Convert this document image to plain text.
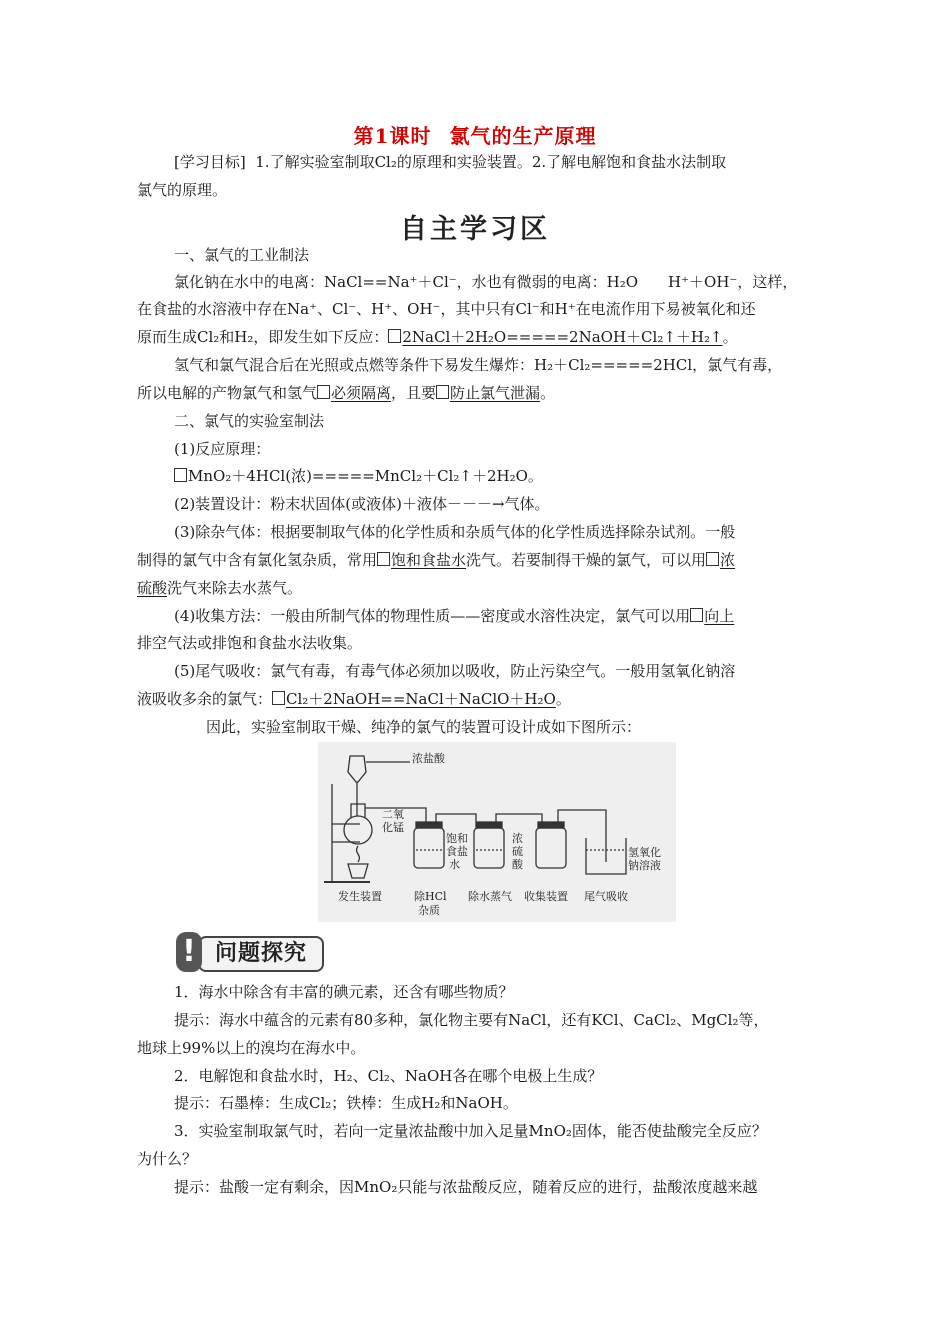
第1课时 氯气的生产原理
[学习目标] 1.了解实验室制取Cl₂的原理和实验装置。2.了解电解饱和食盐水法制取
氯气的原理。
自主学习区
一、氯气的工业制法
氯化钠在水中的电离：NaCl==Na⁺＋Cl⁻，水也有微弱的电离：H₂O　　H⁺＋OH⁻，这样，
在食盐的水溶液中存在Na⁺、Cl⁻、H⁺、OH⁻，其中只有Cl⁻和H⁺在电流作用下易被氧化和还
原而生成Cl₂和H₂，即发生如下反应： 2NaCl＋2H₂O=====2NaOH＋Cl₂↑＋H₂↑。
氢气和氯气混合后在光照或点燃等条件下易发生爆炸：H₂＋Cl₂=====2HCl，氯气有毒，
所以电解的产物氯气和氢气 必须隔离，且要 防止氯气泄漏。
二、氯气的实验室制法
(1)反应原理：
MnO₂＋4HCl(浓)=====MnCl₂＋Cl₂↑＋2H₂O。
(2)装置设计：粉末状固体(或液体)＋液体－－－→气体。
(3)除杂气体：根据要制取气体的化学性质和杂质气体的化学性质选择除杂试剂。一般
制得的氯气中含有氯化氢杂质，常用 饱和食盐水洗气。若要制得干燥的氯气，可以用 浓
硫酸洗气来除去水蒸气。
(4)收集方法：一般由所制气体的物理性质——密度或水溶性决定，氯气可以用 向上
排空气法或排饱和食盐水法收集。
(5)尾气吸收：氯气有毒，有毒气体必须加以吸收，防止污染空气。一般用氢氧化钠溶
液吸收多余的氯气： Cl₂＋2NaOH==NaCl＋NaClO＋H₂O。
因此，实验室制取干燥、纯净的氯气的装置可设计成如下图所示：
浓盐酸
二氧
化锰
饱和
食盐
水
浓
硫
酸
氢氧化
钠溶液
发生装置	除HCl
杂质
除水蒸气 收集装置 尾气吸收
问题探究
!
1．海水中除含有丰富的碘元素，还含有哪些物质？
提示：海水中蕴含的元素有80多种，氯化物主要有NaCl，还有KCl、CaCl₂、MgCl₂等，
地球上99%以上的溴均在海水中。
2．电解饱和食盐水时，H₂、Cl₂、NaOH各在哪个电极上生成？
提示：石墨棒：生成Cl₂；铁棒：生成H₂和NaOH。
3．实验室制取氯气时，若向一定量浓盐酸中加入足量MnO₂固体，能否使盐酸完全反应？
为什么？
提示：盐酸一定有剩余，因MnO₂只能与浓盐酸反应，随着反应的进行，盐酸浓度越来越
